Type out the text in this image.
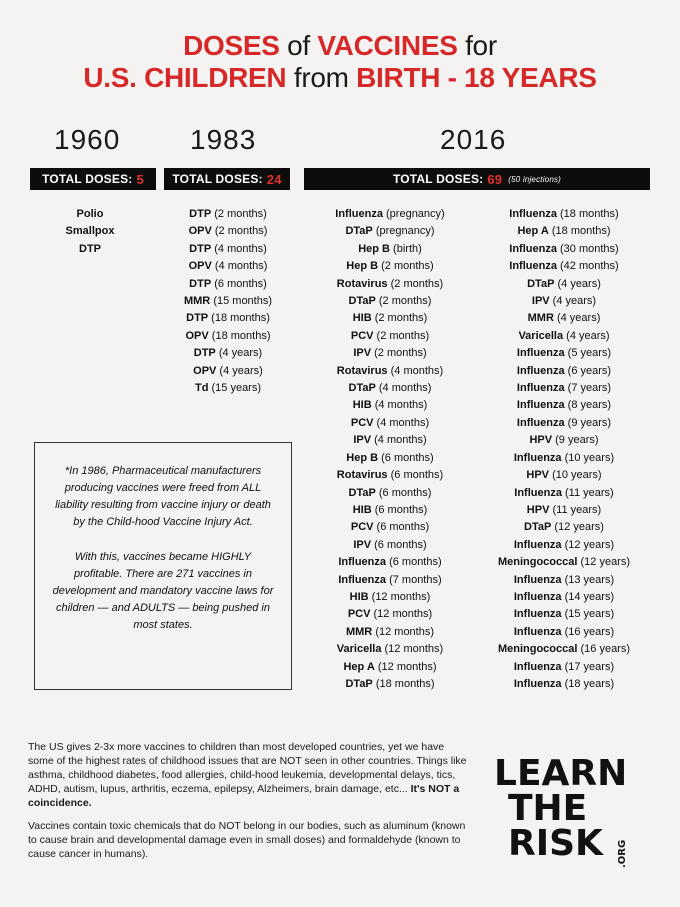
DOSES of VACCINES for
U.S. CHILDREN from BIRTH - 18 YEARS
1960 1983	2016
TOTAL DOSES: 5 TOTAL DOSES: 24	TOTAL DOSES: 69 (50 injections)
Polio
Smallpox
DTP
DTP (2 months)
OPV (2 months)
DTP (4 months)
OPV (4 months)
DTP (6 months)
MMR (15 months)
DTP (18 months)
OPV (18 months)
DTP (4 years)
OPV (4 years)
Td (15 years)
Influenza (pregnancy)
DTaP (pregnancy)
Hep B (birth)
Hep B (2 months)
Rotavirus (2 months)
DTaP (2 months)
HIB (2 months)
PCV (2 months)
IPV (2 months)
Rotavirus (4 months)
DTaP (4 months)
HIB (4 months)
PCV (4 months)
IPV (4 months)
Hep B (6 months)
Rotavirus (6 months)
DTaP (6 months)
HIB (6 months)
PCV (6 months)
IPV (6 months)
Influenza (6 months)
Influenza (7 months)
HIB (12 months)
PCV (12 months)
MMR (12 months)
Varicella (12 months)
Hep A (12 months)
DTaP (18 months)
Influenza (18 months)
Hep A (18 months)
Influenza (30 months)
Influenza (42 months)
DTaP (4 years)
IPV (4 years)
MMR (4 years)
Varicella (4 years)
Influenza (5 years)
Influenza (6 years)
Influenza (7 years)
Influenza (8 years)
Influenza (9 years)
HPV (9 years)
Influenza (10 years)
HPV (10 years)
Influenza (11 years)
HPV (11 years)
DTaP (12 years)
Influenza (12 years)
Meningococcal (12 years)
Influenza (13 years)
Influenza (14 years)
Influenza (15 years)
Influenza (16 years)
Meningococcal (16 years)
Influenza (17 years)
Influenza (18 years)

*In 1986, Pharmaceutical manufacturers producing vaccines were freed from ALL liability resulting from vaccine injury or death by the Child-hood Vaccine Injury Act.

With this, vaccines became HIGHLY profitable. There are 271 vaccines in development and mandatory vaccine laws for children — and ADULTS — being pushed in most states.

The US gives 2-3x more vaccines to children than most developed countries, yet we have some of the highest rates of childhood issues that are NOT seen in other countries. Things like asthma, childhood diabetes, food allergies, child-hood leukemia, developmental delays, tics, ADHD, autism, lupus, arthritis, eczema, epilepsy, Alzheimers, brain damage, etc... It's NOT a coincidence.

Vaccines contain toxic chemicals that do NOT belong in our bodies, such as aluminum (known to cause brain and developmental damage even in small doses) and formaldehyde (known to cause cancer in humans).

LEARN
THE
RISK .ORG
